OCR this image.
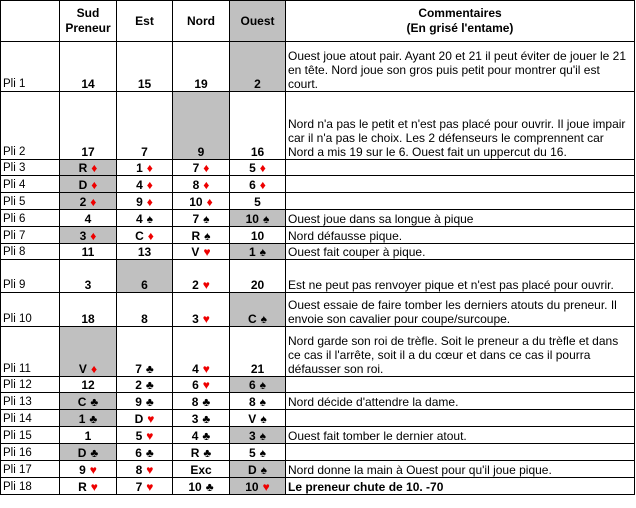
	Sud Preneur	Est	Nord	Ouest	Commentaires
(En grisé l'entame)

Pli 1	14	15	19	2	Ouest joue atout pair. Ayant 20 et 21 il peut éviter de jouer le 21 en tête. Nord joue son gros puis petit pour montrer qu'il est court.
Pli 2	17	7	9	16	Nord n'a pas le petit et n'est pas placé pour ouvrir. Il joue impair car il n'a pas le choix. Les 2 défenseurs le comprennent car Nord a mis 19 sur le 6. Ouest fait un uppercut du 16.
Pli 3	R ♦	1 ♦	7 ♦	5 ♦	
Pli 4	D ♦	4 ♦	8 ♦	6 ♦	
Pli 5	2 ♦	9 ♦	10 ♦	5	
Pli 6	4	4 ♠	7 ♠	10 ♠	Ouest joue dans sa longue à pique
Pli 7	3 ♦	C ♦	R ♠	10	Nord défausse pique.
Pli 8	11	13	V ♥	1 ♠	Ouest fait couper à pique.
Pli 9	3	6	2 ♥	20	Est ne peut pas renvoyer pique et n'est pas placé pour ouvrir.
Pli 10	18	8	3 ♥	C ♠	Ouest essaie de faire tomber les derniers atouts du preneur. Il envoie son cavalier pour coupe/surcoupe.
Pli 11	V ♦	7 ♣	4 ♥	21	Nord garde son roi de trèfle. Soit le preneur a du trèfle et dans ce cas il l'arrête, soit il a du cœur et dans ce cas il pourra défausser son roi.
Pli 12	12	2 ♣	6 ♥	6 ♠	
Pli 13	C ♣	9 ♣	8 ♣	8 ♠	Nord décide d'attendre la dame.
Pli 14	1 ♣	D ♥	3 ♣	V ♠	
Pli 15	1	5 ♥	4 ♣	3 ♠	Ouest fait tomber le dernier atout.
Pli 16	D ♣	6 ♣	R ♣	5 ♠	
Pli 17	9 ♥	8 ♥	Exc	D ♠	Nord donne la main à Ouest pour qu'il joue pique.
Pli 18	R ♥	7 ♥	10 ♣	10 ♥	Le preneur chute de 10. -70
